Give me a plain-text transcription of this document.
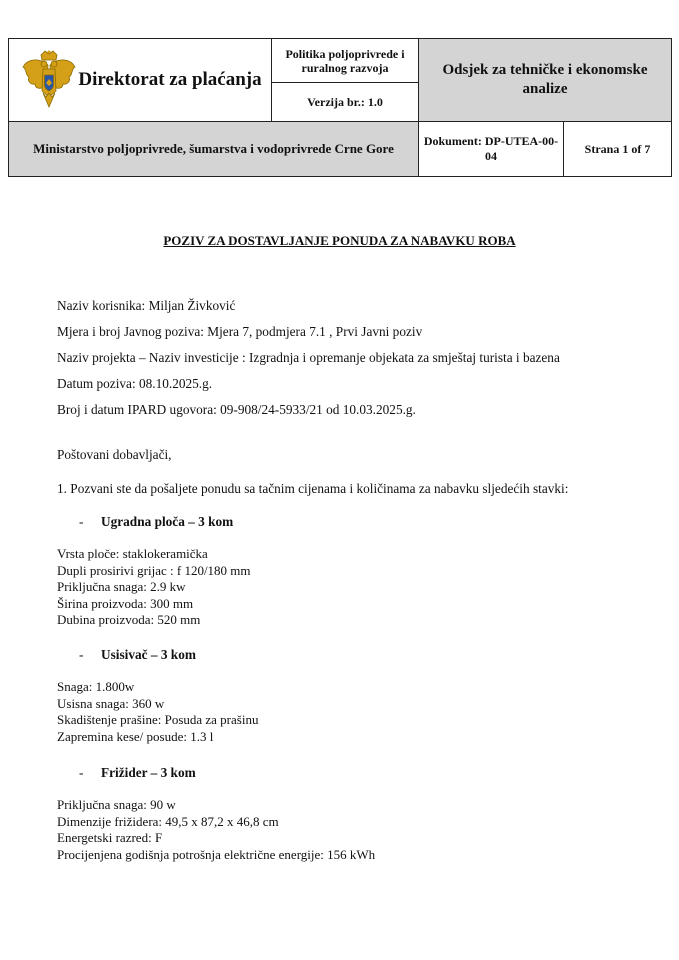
Direktorat za plaćanja	Politika poljoprivrede i ruralnog razvoja	Odsjek za tehničke i ekonomske analize	
	Verzija br.: 1.0		
Ministarstvo poljoprivrede, šumarstva i vodoprivrede Crne Gore		Dokument: DP-UTEA-00-04	Strana 1 of 7
POZIV ZA DOSTAVLJANJE PONUDA ZA NABAVKU ROBA
Naziv korisnika: Miljan Živković
Mjera i broj Javnog poziva: Mjera 7, podmjera 7.1 , Prvi Javni poziv
Naziv projekta – Naziv investicije : Izgradnja i opremanje objekata za smještaj turista i bazena
Datum poziva: 08.10.2025.g.
Broj i datum IPARD ugovora: 09-908/24-5933/21 od 10.03.2025.g.
Poštovani dobavljači,
1. Pozvani ste da pošaljete ponudu sa tačnim cijenama i količinama za nabavku sljedećih stavki:
- Ugradna ploča – 3 kom
Vrsta ploče: staklokeramička
Dupli prosirivi grijac : f 120/180 mm
Priključna snaga: 2.9 kw
Širina proizvoda: 300 mm
Dubina proizvoda: 520 mm
- Usisivač – 3 kom
Snaga: 1.800w
Usisna snaga: 360 w
Skadištenje prašine: Posuda za prašinu
Zapremina kese/ posude: 1.3 l
- Frižider – 3 kom
Priključna snaga: 90 w
Dimenzije frižidera: 49,5 x 87,2 x 46,8 cm
Energetski razred: F
Procijenjena godišnja potrošnja električne energije: 156 kWh
